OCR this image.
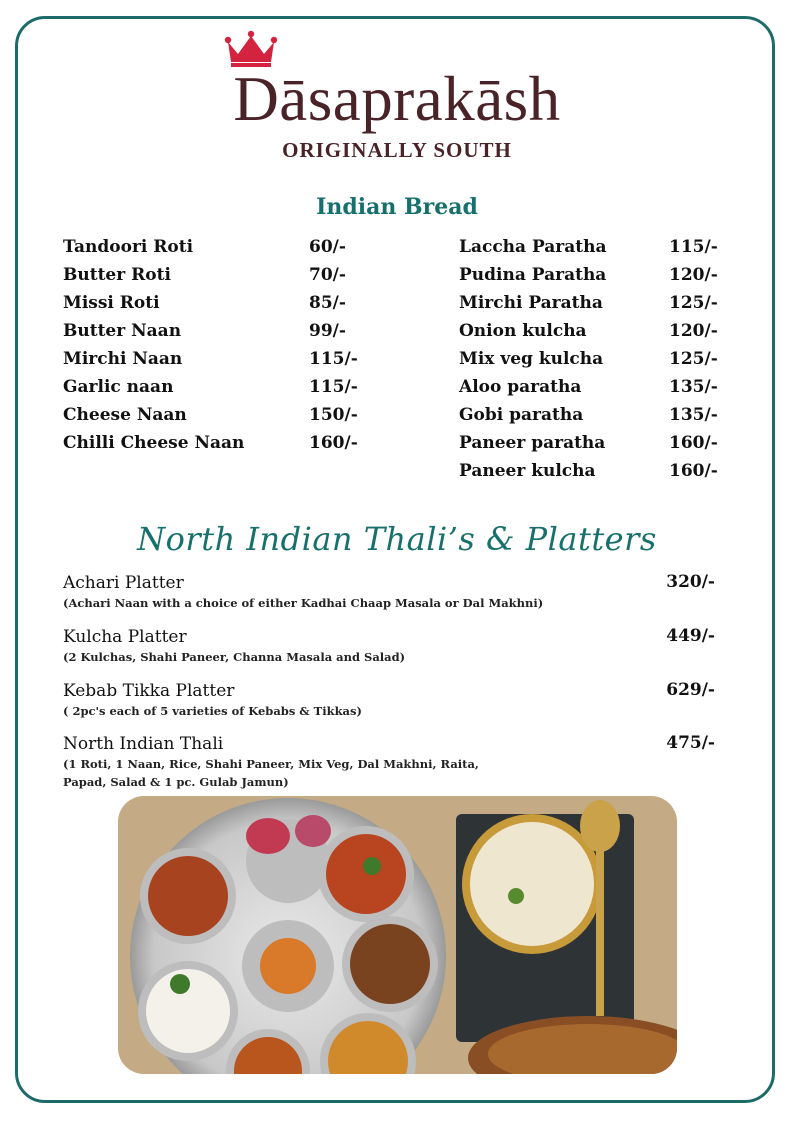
Dāsaprakāsh
ORIGINALLY SOUTH
Indian Bread
Tandoori Roti	60/-
Butter Roti	70/-
Missi Roti	85/-
Butter Naan	99/-
Mirchi Naan	115/-
Garlic naan	115/-
Cheese Naan	150/-
Chilli Cheese Naan	160/-
Laccha Paratha	115/-
Pudina Paratha	120/-
Mirchi Paratha	125/-
Onion kulcha	120/-
Mix veg kulcha	125/-
Aloo paratha	135/-
Gobi paratha	135/-
Paneer paratha	160/-
Paneer kulcha	160/-
North Indian Thali’s & Platters
Achari Platter	320/-
(Achari Naan with a choice of either Kadhai Chaap Masala or Dal Makhni)
Kulcha Platter	449/-
(2 Kulchas, Shahi Paneer, Channa Masala and Salad)
Kebab Tikka Platter	629/-
( 2pc's each of 5 varieties of Kebabs & Tikkas)
North Indian Thali	475/-
(1 Roti, 1 Naan, Rice, Shahi Paneer, Mix Veg, Dal Makhni, Raita, Papad, Salad & 1 pc. Gulab Jamun)
